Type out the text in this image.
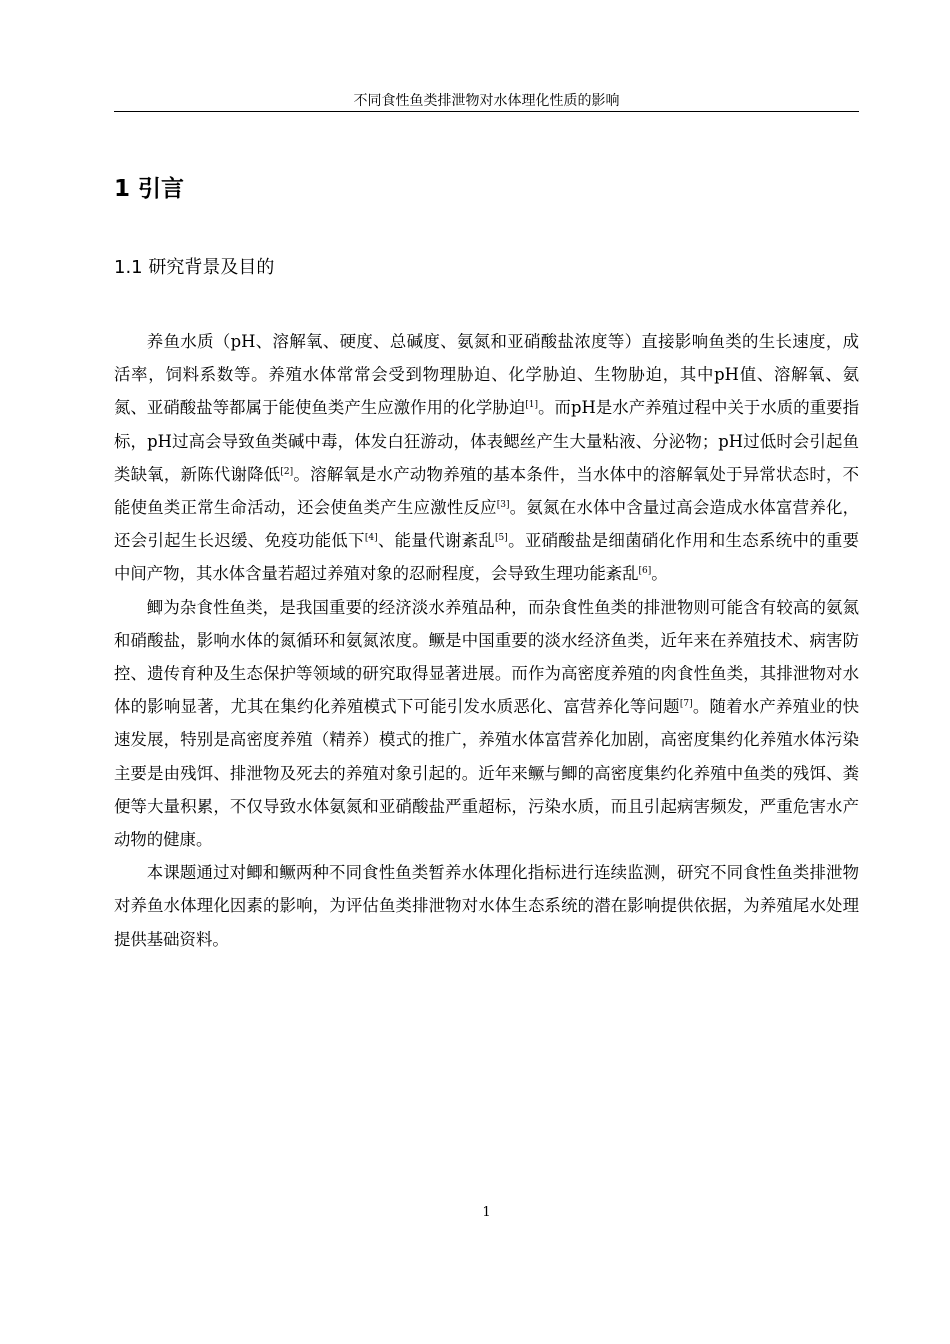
不同食性鱼类排泄物对水体理化性质的影响
1 引言
1.1 研究背景及目的

养鱼水质（pH、溶解氧、硬度、总碱度、氨氮和亚硝酸盐浓度等）直接影响鱼类的生长速度，成活率，饲料系数等。养殖水体常常会受到物理胁迫、化学胁迫、生物胁迫，其中pH值、溶解氧、氨氮、亚硝酸盐等都属于能使鱼类产生应激作用的化学胁迫[1]。而pH是水产养殖过程中关于水质的重要指标，pH过高会导致鱼类碱中毒，体发白狂游动，体表鳃丝产生大量粘液、分泌物；pH过低时会引起鱼类缺氧，新陈代谢降低[2]。溶解氧是水产动物养殖的基本条件，当水体中的溶解氧处于异常状态时，不能使鱼类正常生命活动，还会使鱼类产生应激性反应[3]。氨氮在水体中含量过高会造成水体富营养化，还会引起生长迟缓、免疫功能低下[4]、能量代谢紊乱[5]。亚硝酸盐是细菌硝化作用和生态系统中的重要中间产物，其水体含量若超过养殖对象的忍耐程度，会导致生理功能紊乱[6]。

鲫为杂食性鱼类，是我国重要的经济淡水养殖品种，而杂食性鱼类的排泄物则可能含有较高的氨氮和硝酸盐，影响水体的氮循环和氨氮浓度。鳜是中国重要的淡水经济鱼类，近年来在养殖技术、病害防控、遗传育种及生态保护等领域的研究取得显著进展。而作为高密度养殖的肉食性鱼类，其排泄物对水体的影响显著，尤其在集约化养殖模式下可能引发水质恶化、富营养化等问题[7]。随着水产养殖业的快速发展，特别是高密度养殖（精养）模式的推广，养殖水体富营养化加剧，高密度集约化养殖水体污染主要是由残饵、排泄物及死去的养殖对象引起的。近年来鳜与鲫的高密度集约化养殖中鱼类的残饵、粪便等大量积累，不仅导致水体氨氮和亚硝酸盐严重超标，污染水质，而且引起病害频发，严重危害水产动物的健康。

本课题通过对鲫和鳜两种不同食性鱼类暂养水体理化指标进行连续监测，研究不同食性鱼类排泄物对养鱼水体理化因素的影响，为评估鱼类排泄物对水体生态系统的潜在影响提供依据，为养殖尾水处理提供基础资料。

1
